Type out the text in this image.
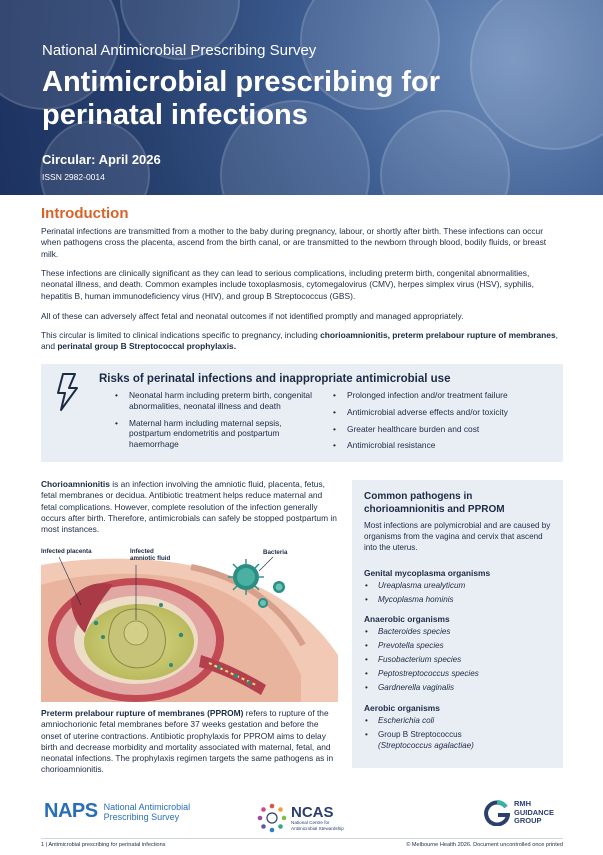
National Antimicrobial Prescribing Survey
Antimicrobial prescribing for perinatal infections
Circular: April 2026
ISSN 2982-0014
Introduction

Perinatal infections are transmitted from a mother to the baby during pregnancy, labour, or shortly after birth. These infections can occur when pathogens cross the placenta, ascend from the birth canal, or are transmitted to the newborn through blood, bodily fluids, or breast milk.

These infections are clinically significant as they can lead to serious complications, including preterm birth, congenital abnormalities, neonatal illness, and death. Common examples include toxoplasmosis, cytomegalovirus (CMV), herpes simplex virus (HSV), syphilis, hepatitis B, human immunodeficiency virus (HIV), and group B Streptococcus (GBS).

All of these can adversely affect fetal and neonatal outcomes if not identified promptly and managed appropriately.

This circular is limited to clinical indications specific to pregnancy, including chorioamnionitis, preterm prelabour rupture of membranes, and perinatal group B Streptococcal prophylaxis.

Risks of perinatal infections and inappropriate antimicrobial use
• Neonatal harm including preterm birth, congenital abnormalities, neonatal illness and death
• Maternal harm including maternal sepsis, postpartum endometritis and postpartum haemorrhage
• Prolonged infection and/or treatment failure
• Antimicrobial adverse effects and/or toxicity
• Greater healthcare burden and cost
• Antimicrobial resistance

Chorioamnionitis is an infection involving the amniotic fluid, placenta, fetus, fetal membranes or decidua. Antibiotic treatment helps reduce maternal and fetal complications. However, complete resolution of the infection generally occurs after birth. Therefore, antimicrobials can safely be stopped postpartum in most instances.

Infected placenta	Infected amniotic fluid
Bacteria

Preterm prelabour rupture of membranes (PPROM) refers to rupture of the amniochorionic fetal membranes before 37 weeks gestation and before the onset of uterine contractions. Antibiotic prophylaxis for PPROM aims to delay birth and decrease morbidity and mortality associated with maternal, fetal, and neonatal infections. The prophylaxis regimen targets the same pathogens as in chorioamnionitis.

Common pathogens in chorioamnionitis and PPROM
Most infections are polymicrobial and are caused by organisms from the vagina and cervix that ascend into the uterus.
Genital mycoplasma organisms
• Ureaplasma urealyticum
• Mycoplasma hominis
Anaerobic organisms
• Bacteroides species
• Prevotella species
• Fusobacterium species
• Peptostreptococcus species
• Gardnerella vaginalis
Aerobic organisms
• Escherichia coli
• Group B Streptococcus
(Streptococcus agalactiae)
NAPS National Antimicrobial
Prescribing Survey	NCAS
National Centre for
Antimicrobial Stewardship
RMH
GUIDANCE
GROUP
1 | Antimicrobial prescribing for perinatal infections	© Melbourne Health 2026. Document uncontrolled once printed
